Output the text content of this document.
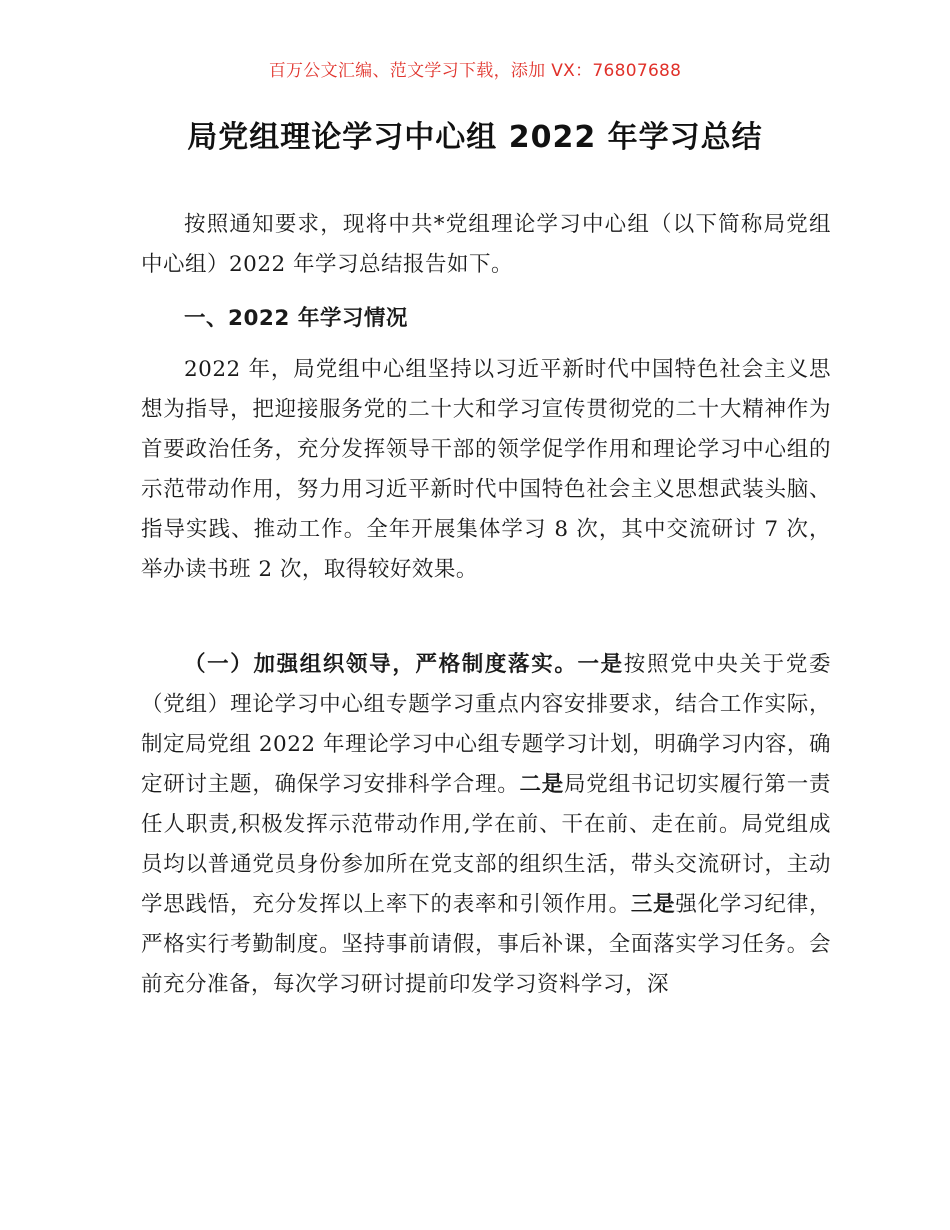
百万公文汇编、范文学习下载，添加 VX：76807688
局党组理论学习中心组 2022 年学习总结

按照通知要求，现将中共*党组理论学习中心组（以下简称局党组中心组）2022 年学习总结报告如下。

一、2022 年学习情况

2022 年，局党组中心组坚持以习近平新时代中国特色社会主义思想为指导，把迎接服务党的二十大和学习宣传贯彻党的二十大精神作为首要政治任务，充分发挥领导干部的领学促学作用和理论学习中心组的示范带动作用，努力用习近平新时代中国特色社会主义思想武装头脑、指导实践、推动工作。全年开展集体学习 8 次，其中交流研讨 7 次，举办读书班 2 次，取得较好效果。

（一）加强组织领导，严格制度落实。一是按照党中央关于党委（党组）理论学习中心组专题学习重点内容安排要求，结合工作实际，制定局党组 2022 年理论学习中心组专题学习计划，明确学习内容，确定研讨主题，确保学习安排科学合理。二是局党组书记切实履行第一责任人职责,积极发挥示范带动作用,学在前、干在前、走在前。局党组成员均以普通党员身份参加所在党支部的组织生活，带头交流研讨，主动学思践悟，充分发挥以上率下的表率和引领作用。三是强化学习纪律，严格实行考勤制度。坚持事前请假，事后补课，全面落实学习任务。会前充分准备，每次学习研讨提前印发学习资料学习，深
